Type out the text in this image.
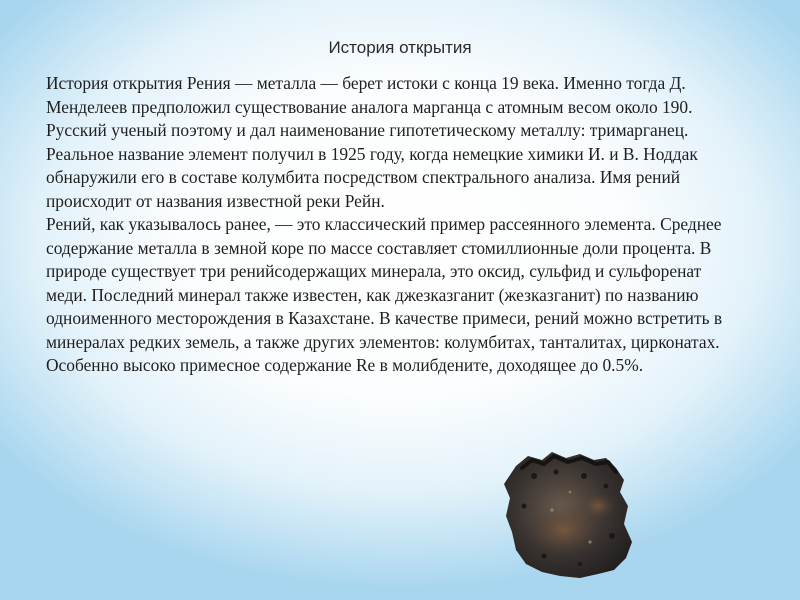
История открытия

История открытия Рения — металла — берет истоки с конца 19 века. Именно тогда Д. Менделеев предположил существование аналога марганца с атомным весом около 190. Русский ученый поэтому и дал наименование гипотетическому металлу: тримарганец. Реальное название элемент получил в 1925 году, когда немецкие химики И. и В. Ноддак обнаружили его в составе колумбита посредством спектрального анализа. Имя рений происходит от названия известной реки Рейн.

Рений, как указывалось ранее, — это классический пример рассеянного элемента. Среднее содержание металла в земной коре по массе составляет стомиллионные доли процента. В природе существует три ренийсодержащих минерала, это оксид, сульфид и сульфоренат меди. Последний минерал также известен, как джезказганит (жезказганит) по названию одноименного месторождения в Казахстане. В качестве примеси, рений можно встретить в минералах редких земель, а также других элементов: колумбитах, танталитах, цирконатах. Особенно высоко примесное содержание Re в молибдените, доходящее до 0.5%.
